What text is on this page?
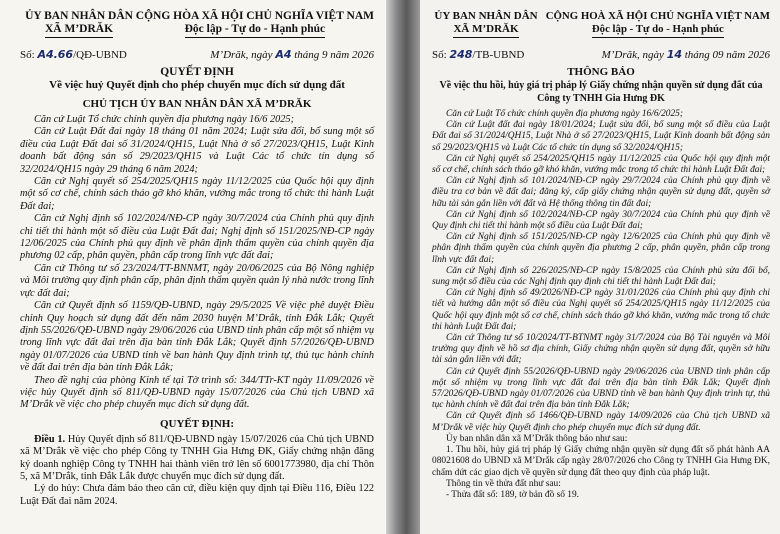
ỦY BAN NHÂN DÂN
XÃ M’DRĂK
CỘNG HÒA XÃ HỘI CHỦ NGHĨA VIỆT NAM
Độc lập - Tự do - Hạnh phúc
Số: A4.66/QĐ-UBND	M’Drăk, ngày A4 tháng 9 năm 2026
QUYẾT ĐỊNH
Về việc huỷ Quyết định cho phép chuyển mục đích sử dụng đất
CHỦ TỊCH ỦY BAN NHÂN DÂN XÃ M’DRĂK

Căn cứ Luật Tổ chức chính quyền địa phương ngày 16/6 2025;

Căn cứ Luật Đất đai ngày 18 tháng 01 năm 2024; Luật sửa đổi, bổ sung một số điều của Luật Đất đai số 31/2024/QH15, Luật Nhà ở số 27/2023/QH15, Luật Kinh doanh bất động sản số 29/2023/QH15 và Luật Các tổ chức tín dụng số 32/2024/QH15 ngày 29 tháng 6 năm 2024;

Căn cứ Nghị quyết số 254/2025/QH15 ngày 11/12/2025 của Quốc hội quy định một số cơ chế, chính sách tháo gỡ khó khăn, vướng mắc trong tổ chức thi hành Luật Đất đai;

Căn cứ Nghị định số 102/2024/NĐ-CP ngày 30/7/2024 của Chính phủ quy định chi tiết thi hành một số điều của Luật Đất đai; Nghị định số 151/2025/NĐ-CP ngày 12/06/2025 của Chính phủ quy định về phân định thẩm quyền của chính quyền địa phương 02 cấp, phân quyền, phân cấp trong lĩnh vực đất đai;

Căn cứ Thông tư số 23/2024/TT-BNNMT, ngày 20/06/2025 của Bộ Nông nghiệp và Môi trường quy định phân cấp, phân định thẩm quyền quản lý nhà nước trong lĩnh vực đất đai;

Căn cứ Quyết định số 1159/QĐ-UBND, ngày 29/5/2025 Về việc phê duyệt Điều chỉnh Quy hoạch sử dụng đất đến năm 2030 huyện M’Drắk, tỉnh Đắk Lắk; Quyết định 55/2026/QĐ-UBND ngày 29/06/2026 của UBND tỉnh phân cấp một số nhiệm vụ trong lĩnh vực đất đai trên địa bàn tỉnh Đắk Lắk; Quyết định 57/2026/QĐ-UBND ngày 01/07/2026 của UBND tỉnh về ban hành Quy định trình tự, thủ tục hành chính về đất đai trên địa bàn tỉnh Đắk Lắk;

Theo đề nghị của phòng Kinh tế tại Tờ trình số: 344/TTr-KT ngày 11/09/2026 về việc hủy Quyết định số 811/QĐ-UBND ngày 15/07/2026 của Chủ tịch UBND xã M’Drắk về việc cho phép chuyển mục đích sử dụng đất.

QUYẾT ĐỊNH:

Điều 1. Hủy Quyết định số 811/QĐ-UBND ngày 15/07/2026 của Chủ tịch UBND xã M’Drắk về việc cho phép Công ty TNHH Gia Hưng ĐK, Giấy chứng nhận đăng ký doanh nghiệp Công ty TNHH hai thành viên trở lên số 6001773980, địa chỉ Thôn 5, xã M’Drắk, tỉnh Đắk Lắk được chuyển mục đích sử dụng đất.

Lý do hủy: Chưa đảm bảo theo căn cứ, điều kiện quy định tại Điều 116, Điều 122 Luật Đất đai năm 2024.

ỦY BAN NHÂN DÂN
XÃ M’DRĂK
CỘNG HOÀ XÃ HỘI CHỦ NGHĨA VIỆT NAM
Độc lập - Tự do - Hạnh phúc
Số: 248/TB-UBND	M’Drăk, ngày 14 tháng 09 năm 2026
THÔNG BÁO
Về việc thu hồi, hủy giá trị pháp lý Giấy chứng nhận quyền sử dụng đất của Công ty TNHH Gia Hưng ĐK

Căn cứ Luật Tổ chức chính quyền địa phương ngày 16/6/2025;

Căn cứ Luật đất đai ngày 18/01/2024; Luật sửa đổi, bổ sung một số điều của Luật Đất đai số 31/2024/QH15, Luật Nhà ở số 27/2023/QH15, Luật Kinh doanh bất động sản số 29/2023/QH15 và Luật Các tổ chức tín dụng số 32/2024/QH15;

Căn cứ Nghị quyết số 254/2025/QH15 ngày 11/12/2025 của Quốc hội quy định một số cơ chế, chính sách tháo gỡ khó khăn, vướng mắc trong tổ chức thi hành Luật Đất đai;

Căn cứ Nghị định số 101/2024/NĐ-CP ngày 29/7/2024 của Chính phủ quy định về điều tra cơ bản về đất đai; đăng ký, cấp giấy chứng nhận quyền sử dụng đất, quyền sở hữu tài sản gắn liền với đất và Hệ thống thông tin đất đai;

Căn cứ Nghị định số 102/2024/NĐ-CP ngày 30/7/2024 của Chính phủ quy định về Quy định chi tiết thi hành một số điều của Luật Đất đai;

Căn cứ Nghị định số 151/2025/NĐ-CP ngày 12/6/2025 của Chính phủ quy định về phân định thẩm quyền của chính quyền địa phương 2 cấp, phân quyền, phân cấp trong lĩnh vực đất đai;

Căn cứ Nghị định số 226/2025/NĐ-CP ngày 15/8/2025 của Chính phủ sửa đổi bổ, sung một số điều của các Nghị định quy định chi tiết thi hành Luật Đất đai;

Căn cứ Nghị định số 49/2026/NĐ-CP ngày 31/01/2026 của Chính phủ quy định chi tiết và hướng dẫn một số điều của Nghị quyết số 254/2025/QH15 ngày 11/12/2025 của Quốc hội quy định một số cơ chế, chính sách tháo gỡ khó khăn, vướng mắc trong tổ chức thi hành Luật Đất đai;

Căn cứ Thông tư số 10/2024/TT-BTNMT ngày 31/7/2024 của Bộ Tài nguyên và Môi trường quy định về hồ sơ địa chính, Giấy chứng nhận quyền sử dụng đất, quyền sở hữu tài sản gắn liền với đất;

Căn cứ Quyết định 55/2026/QĐ-UBND ngày 29/06/2026 của UBND tỉnh phân cấp một số nhiệm vụ trong lĩnh vực đất đai trên địa bàn tỉnh Đắk Lắk; Quyết định 57/2026/QĐ-UBND ngày 01/07/2026 của UBND tỉnh về ban hành Quy định trình tự, thủ tục hành chính về đất đai trên địa bàn tỉnh Đắk Lắk;

Căn cứ Quyết định số 1466/QĐ-UBND ngày 14/09/2026 của Chủ tịch UBND xã M’Drắk về việc hủy Quyết định cho phép chuyển mục đích sử dụng đất.

Ủy ban nhân dân xã M’Drắk thông báo như sau:

1. Thu hồi, hủy giá trị pháp lý Giấy chứng nhận quyền sử dụng đất số phát hành AA 08021608 do UBND xã M’Drắk cấp ngày 28/07/2026 cho Công ty TNHH Gia Hưng ĐK, chấm dứt các giao dịch về quyền sử dụng đất theo quy định của pháp luật.

Thông tin về thửa đất như sau:

- Thửa đất số: 189, tờ bản đồ số 19.
